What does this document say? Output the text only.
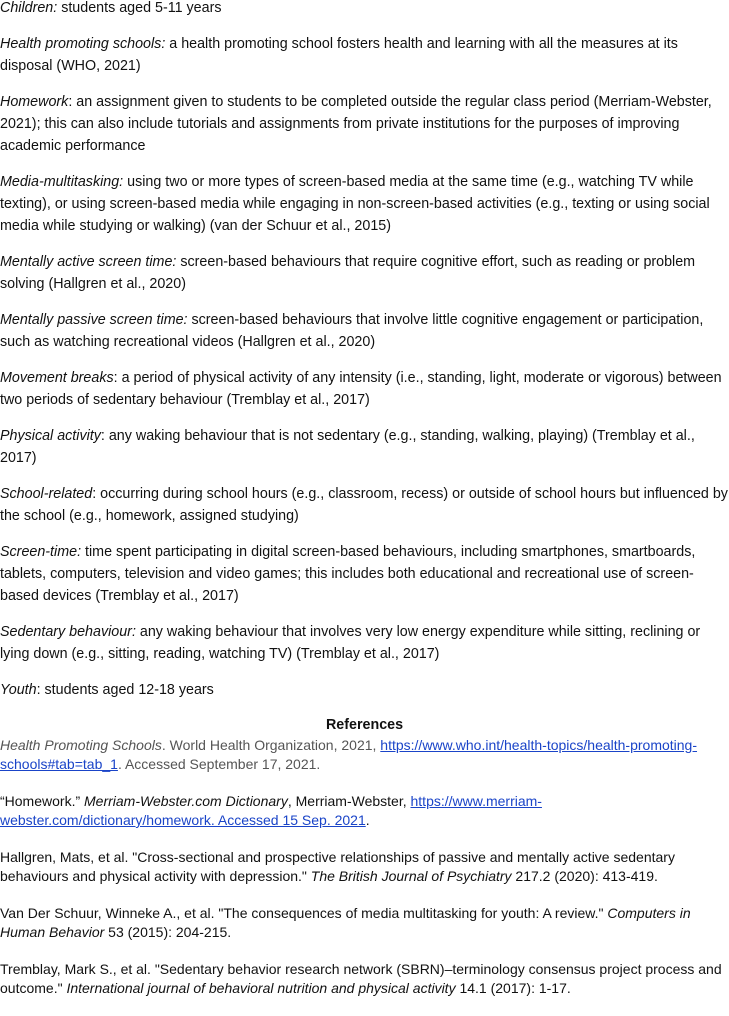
Children: students aged 5-11 years

Health promoting schools: a health promoting school fosters health and learning with all the measures at its disposal (WHO, 2021)

Homework: an assignment given to students to be completed outside the regular class period (Merriam-Webster, 2021); this can also include tutorials and assignments from private institutions for the purposes of improving academic performance

Media-multitasking: using two or more types of screen-based media at the same time (e.g., watching TV while texting), or using screen-based media while engaging in non-screen-based activities (e.g., texting or using social media while studying or walking) (van der Schuur et al., 2015)

Mentally active screen time: screen-based behaviours that require cognitive effort, such as reading or problem solving (Hallgren et al., 2020)

Mentally passive screen time: screen-based behaviours that involve little cognitive engagement or participation, such as watching recreational videos (Hallgren et al., 2020)

Movement breaks: a period of physical activity of any intensity (i.e., standing, light, moderate or vigorous) between two periods of sedentary behaviour (Tremblay et al., 2017)

Physical activity: any waking behaviour that is not sedentary (e.g., standing, walking, playing) (Tremblay et al., 2017)

School-related: occurring during school hours (e.g., classroom, recess) or outside of school hours but influenced by the school (e.g., homework, assigned studying)

Screen-time: time spent participating in digital screen-based behaviours, including smartphones, smartboards, tablets, computers, television and video games; this includes both educational and recreational use of screen-based devices (Tremblay et al., 2017)

Sedentary behaviour: any waking behaviour that involves very low energy expenditure while sitting, reclining or lying down (e.g., sitting, reading, watching TV) (Tremblay et al., 2017)

Youth: students aged 12-18 years

References

Health Promoting Schools. World Health Organization, 2021, https://www.who.int/health-topics/health-promoting-schools#tab=tab_1. Accessed September 17, 2021.

“Homework.” Merriam-Webster.com Dictionary, Merriam-Webster, https://www.merriam-webster.com/dictionary/homework. Accessed 15 Sep. 2021.

Hallgren, Mats, et al. "Cross-sectional and prospective relationships of passive and mentally active sedentary behaviours and physical activity with depression." The British Journal of Psychiatry 217.2 (2020): 413-419.

Van Der Schuur, Winneke A., et al. "The consequences of media multitasking for youth: A review." Computers in Human Behavior 53 (2015): 204-215.

Tremblay, Mark S., et al. "Sedentary behavior research network (SBRN)–terminology consensus project process and outcome." International journal of behavioral nutrition and physical activity 14.1 (2017): 1-17.
